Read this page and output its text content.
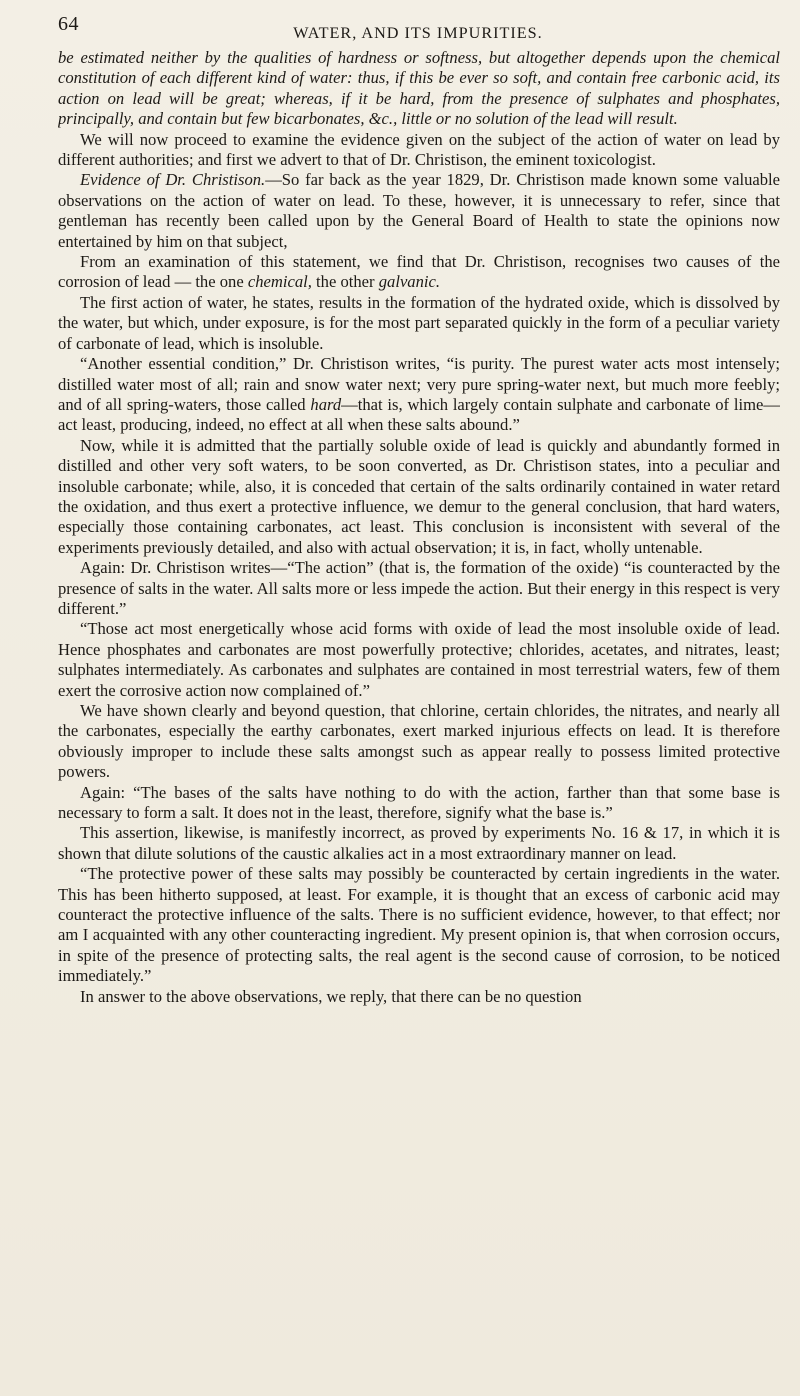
64	WATER, AND ITS IMPURITIES.

be estimated neither by the qualities of hardness or softness, but altogether depends upon the chemical constitution of each different kind of water: thus, if this be ever so soft, and contain free carbonic acid, its action on lead will be great; whereas, if it be hard, from the presence of sulphates and phosphates, principally, and contain but few bicarbonates, &c., little or no solution of the lead will result.

We will now proceed to examine the evidence given on the subject of the action of water on lead by different authorities; and first we advert to that of Dr. Christison, the eminent toxicologist.

Evidence of Dr. Christison.—So far back as the year 1829, Dr. Christison made known some valuable observations on the action of water on lead. To these, however, it is unnecessary to refer, since that gentleman has recently been called upon by the General Board of Health to state the opinions now entertained by him on that subject,

From an examination of this statement, we find that Dr. Christison, recognises two causes of the corrosion of lead — the one chemical, the other galvanic.

The first action of water, he states, results in the formation of the hydrated oxide, which is dissolved by the water, but which, under exposure, is for the most part separated quickly in the form of a peculiar variety of carbonate of lead, which is insoluble.

“Another essential condition,” Dr. Christison writes, “is purity. The purest water acts most intensely; distilled water most of all; rain and snow water next; very pure spring-water next, but much more feebly; and of all spring-waters, those called hard—that is, which largely contain sulphate and carbonate of lime—act least, producing, indeed, no effect at all when these salts abound.”

Now, while it is admitted that the partially soluble oxide of lead is quickly and abundantly formed in distilled and other very soft waters, to be soon converted, as Dr. Christison states, into a peculiar and insoluble carbonate; while, also, it is conceded that certain of the salts ordinarily contained in water retard the oxidation, and thus exert a protective influence, we demur to the general conclusion, that hard waters, especially those containing carbonates, act least. This conclusion is inconsistent with several of the experiments previously detailed, and also with actual observation; it is, in fact, wholly untenable.

Again: Dr. Christison writes—“The action” (that is, the formation of the oxide) “is counteracted by the presence of salts in the water. All salts more or less impede the action. But their energy in this respect is very different.”

“Those act most energetically whose acid forms with oxide of lead the most insoluble oxide of lead. Hence phosphates and carbonates are most powerfully protective; chlorides, acetates, and nitrates, least; sulphates intermediately. As carbonates and sulphates are contained in most terrestrial waters, few of them exert the corrosive action now complained of.”

We have shown clearly and beyond question, that chlorine, certain chlorides, the nitrates, and nearly all the carbonates, especially the earthy carbonates, exert marked injurious effects on lead. It is therefore obviously improper to include these salts amongst such as appear really to possess limited protective powers.

Again: “The bases of the salts have nothing to do with the action, farther than that some base is necessary to form a salt. It does not in the least, therefore, signify what the base is.”

This assertion, likewise, is manifestly incorrect, as proved by experiments No. 16 & 17, in which it is shown that dilute solutions of the caustic alkalies act in a most extraordinary manner on lead.

“The protective power of these salts may possibly be counteracted by certain ingredients in the water. This has been hitherto supposed, at least. For example, it is thought that an excess of carbonic acid may counteract the protective influence of the salts. There is no sufficient evidence, however, to that effect; nor am I acquainted with any other counteracting ingredient. My present opinion is, that when corrosion occurs, in spite of the presence of protecting salts, the real agent is the second cause of corrosion, to be noticed immediately.”

In answer to the above observations, we reply, that there can be no question
